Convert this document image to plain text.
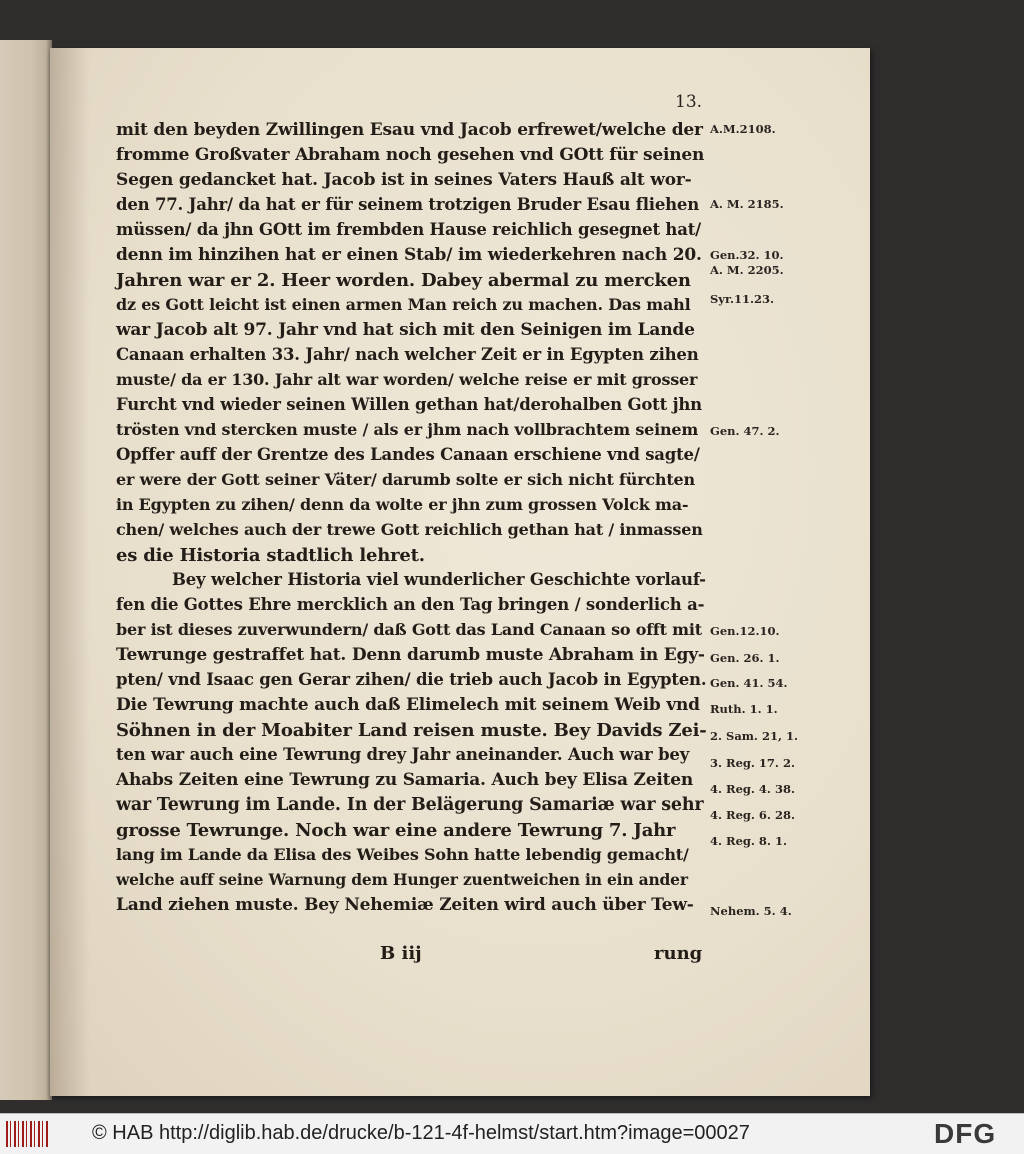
13.
mit den beyden Zwillingen Esau vnd Jacob erfrewet/welche der
fromme Großvater Abraham noch gesehen vnd GOtt für seinen
Segen gedancket hat. Jacob ist in seines Vaters Hauß alt wor-
den 77. Jahr/ da hat er für seinem trotzigen Bruder Esau fliehen
müssen/ da jhn GOtt im frembden Hause reichlich gesegnet hat/
denn im hinzihen hat er einen Stab/ im wiederkehren nach 20.
Jahren war er 2. Heer worden. Dabey abermal zu mercken
dz es Gott leicht ist einen armen Man reich zu machen. Das mahl
war Jacob alt 97. Jahr vnd hat sich mit den Seinigen im Lande
Canaan erhalten 33. Jahr/ nach welcher Zeit er in Egypten zihen
muste/ da er 130. Jahr alt war worden/ welche reise er mit grosser
Furcht vnd wieder seinen Willen gethan hat/derohalben Gott jhn
trösten vnd stercken muste / als er jhm nach vollbrachtem seinem
Opffer auff der Grentze des Landes Canaan erschiene vnd sagte/
er were der Gott seiner Väter/ darumb solte er sich nicht fürchten
in Egypten zu zihen/ denn da wolte er jhn zum grossen Volck ma-
chen/ welches auch der trewe Gott reichlich gethan hat / inmassen
es die Historia stadtlich lehret.
Bey welcher Historia viel wunderlicher Geschichte vorlauf-
fen die Gottes Ehre mercklich an den Tag bringen / sonderlich a-
ber ist dieses zuverwundern/ daß Gott das Land Canaan so offt mit
Tewrunge gestraffet hat. Denn darumb muste Abraham in Egy-
pten/ vnd Isaac gen Gerar zihen/ die trieb auch Jacob in Egypten.
Die Tewrung machte auch daß Elimelech mit seinem Weib vnd
Söhnen in der Moabiter Land reisen muste. Bey Davids Zei-
ten war auch eine Tewrung drey Jahr aneinander. Auch war bey
Ahabs Zeiten eine Tewrung zu Samaria. Auch bey Elisa Zeiten
war Tewrung im Lande. In der Belägerung Samariæ war sehr
grosse Tewrunge. Noch war eine andere Tewrung 7. Jahr
lang im Lande da Elisa des Weibes Sohn hatte lebendig gemacht/
welche auff seine Warnung dem Hunger zuentweichen in ein ander
Land ziehen muste. Bey Nehemiæ Zeiten wird auch über Tew-
A.M.2108.
A. M. 2185.
Gen.32. 10.
A. M. 2205.
Syr.11.23.
Gen. 47. 2.
Gen.12.10.
Gen. 26. 1.
Gen. 41. 54.
Ruth. 1. 1.
2. Sam. 21, 1.
3. Reg. 17. 2.
4. Reg. 4. 38.
4. Reg. 6. 28.
4. Reg. 8. 1.
Nehem. 5. 4.
B iij	rung
© HAB http://diglib.hab.de/drucke/b-121-4f-helmst/start.htm?image=00027	DFG
